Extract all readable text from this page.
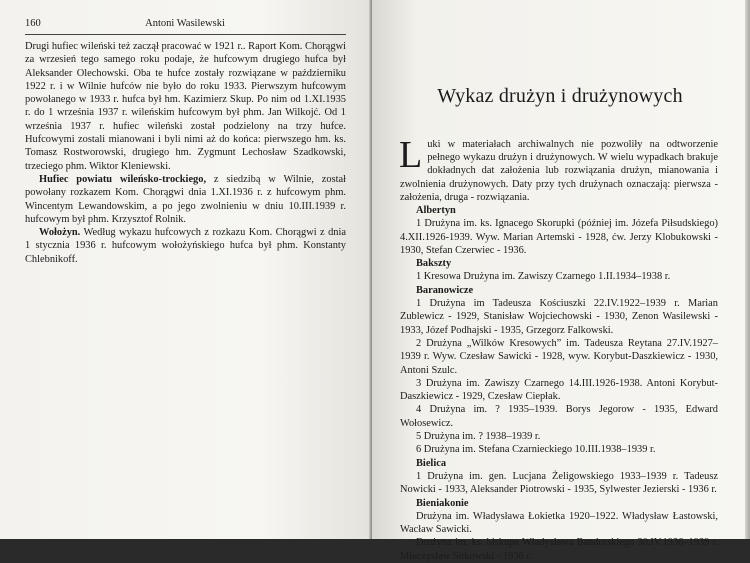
160	Antoni Wasilewski

Drugi hufiec wileński też zaczął pracować w 1921 r.. Raport Kom. Chorągwi za wrzesień tego samego roku podaje, że hufcowym drugiego hufca był Aleksander Olechowski. Oba te hufce zostały rozwiązane w październiku 1922 r. i w Wilnie hufców nie było do roku 1933. Pierwszym hufcowym powołanego w 1933 r. hufca był hm. Kazimierz Skup. Po nim od 1.XI.1935 r. do 1 września 1937 r. wileńskim hufcowym był phm. Jan Wilkojć. Od 1 września 1937 r. hufiec wileński został podzielony na trzy hufce. Hufcowymi zostali mianowani i byli nimi aż do końca: pierwszego hm. ks. Tomasz Rostworowski, drugiego hm. Zygmunt Lechosław Szadkowski, trzeciego phm. Wiktor Kleniewski.

Hufiec powiatu wileńsko-trockiego, z siedzibą w Wilnie, został powołany rozkazem Kom. Chorągwi dnia 1.XI.1936 r. z hufcowym phm. Wincentym Lewandowskim, a po jego zwolnieniu w dniu 10.III.1939 r. hufcowym był phm. Krzysztof Rolnik.

Wołożyn. Według wykazu hufcowych z rozkazu Kom. Chorągwi z dnia 1 stycznia 1936 r. hufcowym wołożyńskiego hufca był phm. Konstanty Chlebnikoff.

Wykaz drużyn i drużynowych
Luki w materiałach archiwalnych nie pozwoliły na odtworzenie pełnego wykazu drużyn i drużynowych. W wielu wypadkach brakuje dokładnych dat założenia lub rozwiązania drużyn, mianowania i zwolnienia drużynowych. Daty przy tych drużynach oznaczają: pierwsza - założenia, druga - rozwiązania.
Albertyn
1 Drużyna im. ks. Ignacego Skorupki (później im. Józefa Piłsudskiego) 4.XII.1926-1939. Wyw. Marian Artemski - 1928, ćw. Jerzy Klobukowski - 1930, Stefan Czerwiec - 1936.
Bakszty
1 Kresowa Drużyna im. Zawiszy Czarnego 1.II.1934–1938 r.
Baranowicze
1 Drużyna im Tadeusza Kościuszki 22.IV.1922–1939 r. Marian Zublewicz - 1929, Stanisław Wojciechowski - 1930, Zenon Wasilewski - 1933, Józef Podhajski - 1935, Grzegorz Falkowski.
2 Drużyna „Wilków Kresowych” im. Tadeusza Reytana 27.IV.1927–1939 r. Wyw. Czesław Sawicki - 1928, wyw. Korybut-Daszkiewicz - 1930, Antoni Szulc.
3 Drużyna im. Zawiszy Czarnego 14.III.1926-1938. Antoni Korybut-Daszkiewicz - 1929, Czesław Ciepłak.
4 Drużyna im. ? 1935–1939. Borys Jegorow - 1935, Edward Wołosewicz.
5 Drużyna im. ? 1938–1939 r.
6 Drużyna im. Stefana Czarnieckiego 10.III.1938–1939 r.
Bielica
1 Drużyna im. gen. Lucjana Żeligowskiego 1933–1939 r. Tadeusz Nowicki - 1933, Aleksander Piotrowski - 1935, Sylwester Jezierski - 1936 r.
Bieniakonie
Drużyna im. Władysława Łokietka 1920–1922. Władysław Łastowski, Wacław Sawicki.
Drużyna im. ks. biskupa Władysława Bandurskiego 30.IV.1936–1939 r. Mieczysław Sitkowski - 1936 r.
